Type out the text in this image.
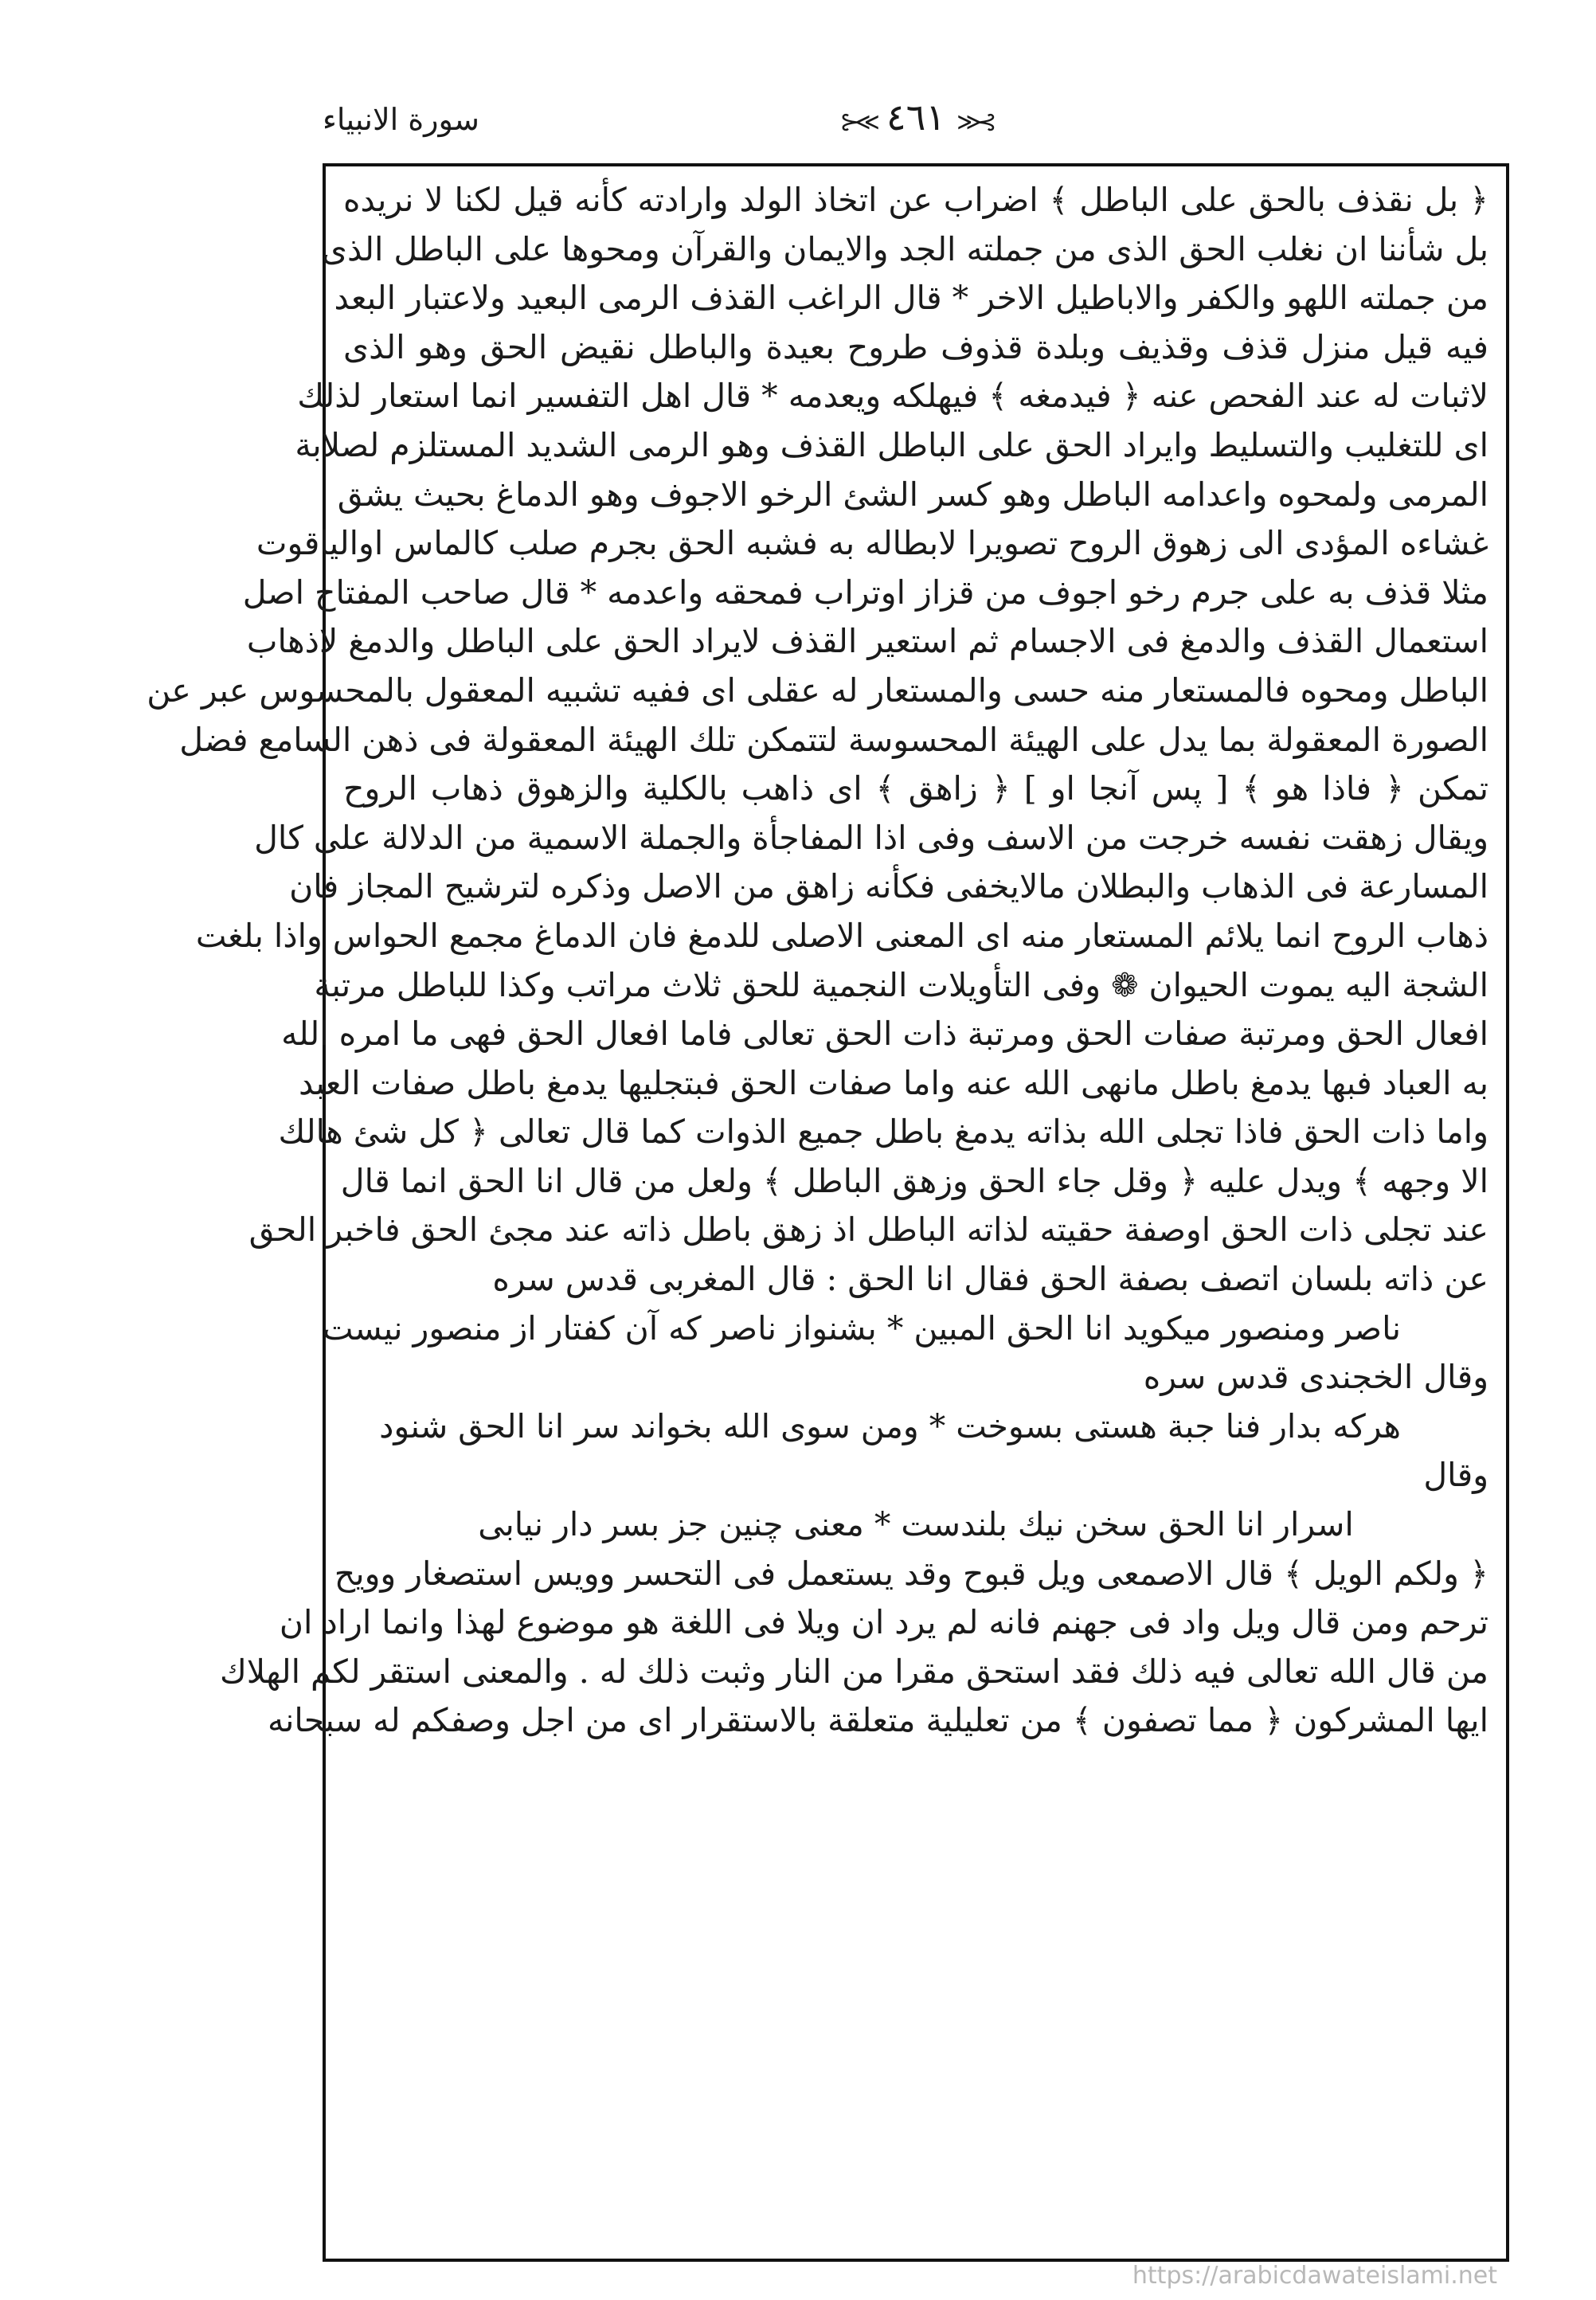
سورة الانبياء	⊱≪٤٦١≫⊰
﴿ بل نقذف بالحق على الباطل ﴾ اضراب عن اتخاذ الولد وارادته كأنه قيل لكنا لا نريده
بل شأننا ان نغلب الحق الذى من جملته الجد والايمان والقرآن ومحوها على الباطل الذى
من جملته اللهو والكفر والاباطيل الاخر * قال الراغب القذف الرمى البعيد ولاعتبار البعد
فيه قيل منزل قذف وقذيف وبلدة قذوف طروح بعيدة والباطل نقيض الحق وهو الذى
لاثبات له عند الفحص عنه ﴿ فيدمغه ﴾ فيهلكه ويعدمه * قال اهل التفسير انما استعار لذلك
اى للتغليب والتسليط وايراد الحق على الباطل القذف وهو الرمى الشديد المستلزم لصلابة
المرمى ولمحوه واعدامه الباطل وهو كسر الشئ الرخو الاجوف وهو الدماغ بحيث يشق
غشاءه المؤدى الى زهوق الروح تصويرا لابطاله به فشبه الحق بجرم صلب كالماس اوالياقوت
مثلا قذف به على جرم رخو اجوف من قزاز اوتراب فمحقه واعدمه * قال صاحب المفتاح اصل
استعمال القذف والدمغ فى الاجسام ثم استعير القذف لايراد الحق على الباطل والدمغ لاذهاب
الباطل ومحوه فالمستعار منه حسى والمستعار له عقلى اى ففيه تشبيه المعقول بالمحسوس عبر عن
الصورة المعقولة بما يدل على الهيئة المحسوسة لتتمكن تلك الهيئة المعقولة فى ذهن السامع فضل
تمكن ﴿ فاذا هو ﴾ [ پس آنجا او ] ﴿ زاهق ﴾ اى ذاهب بالكلية والزهوق ذهاب الروح
ويقال زهقت نفسه خرجت من الاسف وفى اذا المفاجأة والجملة الاسمية من الدلالة على كال
المسارعة فى الذهاب والبطلان مالايخفى فكأنه زاهق من الاصل وذكره لترشيح المجاز فان
ذهاب الروح انما يلائم المستعار منه اى المعنى الاصلى للدمغ فان الدماغ مجمع الحواس واذا بلغت
الشجة اليه يموت الحيوان ❁ وفى التأويلات النجمية للحق ثلاث مراتب وكذا للباطل مرتبة
افعال الحق ومرتبة صفات الحق ومرتبة ذات الحق تعالى فاما افعال الحق فهى ما امره الله
به العباد فبها يدمغ باطل مانهى الله عنه واما صفات الحق فبتجليها يدمغ باطل صفات العبد
واما ذات الحق فاذا تجلى الله بذاته يدمغ باطل جميع الذوات كما قال تعالى ﴿ كل شئ هالك
الا وجهه ﴾ ويدل عليه ﴿ وقل جاء الحق وزهق الباطل ﴾ ولعل من قال انا الحق انما قال
عند تجلى ذات الحق اوصفة حقيته لذاته الباطل اذ زهق باطل ذاته عند مجئ الحق فاخبر الحق
عن ذاته بلسان اتصف بصفة الحق فقال انا الحق : قال المغربى قدس سره
ناصر ومنصور ميكويد انا الحق المبين * بشنواز ناصر كه آن كفتار از منصور نيست
وقال الخجندى قدس سره
هركه بدار فنا جبة هستى بسوخت * ومن سوى الله بخواند سر انا الحق شنود
وقال
اسرار انا الحق سخن نيك بلندست * معنى چنين جز بسر دار نيابى
﴿ ولكم الويل ﴾ قال الاصمعى ويل قبوح وقد يستعمل فى التحسر وويس استصغار وويح
ترحم ومن قال ويل واد فى جهنم فانه لم يرد ان ويلا فى اللغة هو موضوع لهذا وانما اراد ان
من قال الله تعالى فيه ذلك فقد استحق مقرا من النار وثبت ذلك له . والمعنى استقر لكم الهلاك
ايها المشركون ﴿ مما تصفون ﴾ من تعليلية متعلقة بالاستقرار اى من اجل وصفكم له سبحانه
https://arabicdawateislami.net
